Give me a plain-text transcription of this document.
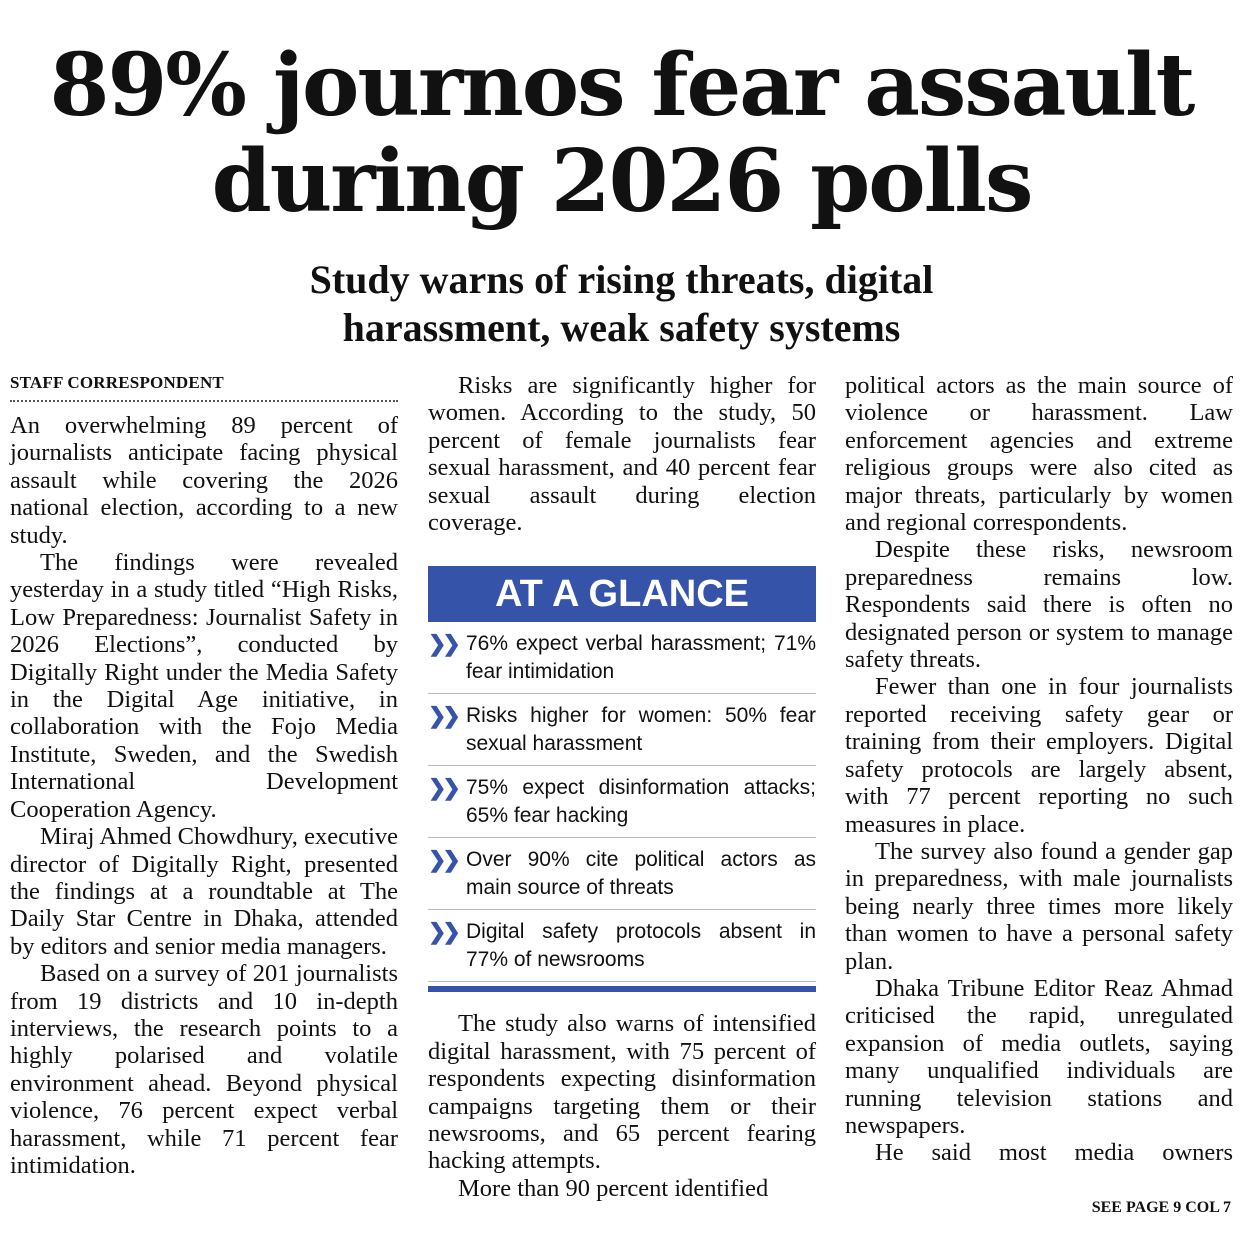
89% journos fear assault
during 2026 polls
Study warns of rising threats, digital
harassment, weak safety systems
STAFF CORRESPONDENT

An overwhelming 89 percent of journalists anticipate facing physical assault while covering the 2026 national election, according to a new study.

The findings were revealed yesterday in a study titled “High Risks, Low Preparedness: Journalist Safety in 2026 Elections”, conducted by Digitally Right under the Media Safety in the Digital Age initiative, in collaboration with the Fojo Media Institute, Sweden, and the Swedish International Development Cooperation Agency.

Miraj Ahmed Chowdhury, executive director of Digitally Right, presented the findings at a roundtable at The Daily Star Centre in Dhaka, attended by editors and senior media managers.

Based on a survey of 201 journalists from 19 districts and 10 in-depth interviews, the research points to a highly polarised and volatile environment ahead. Beyond physical violence, 76 percent expect verbal harassment, while 71 percent fear intimidation.

Risks are significantly higher for women. According to the study, 50 percent of female journalists fear sexual harassment, and 40 percent fear sexual assault during election coverage.

AT A GLANCE
❯❯ 76% expect verbal harassment; 71% fear intimidation
❯❯ Risks higher for women: 50% fear sexual harassment
❯❯ 75% expect disinformation attacks; 65% fear hacking
❯❯ Over 90% cite political actors as main source of threats
❯❯ Digital safety protocols absent in 77% of newsrooms

The study also warns of intensified digital harassment, with 75 percent of respondents expecting disinformation campaigns targeting them or their newsrooms, and 65 percent fearing hacking attempts.

More than 90 percent identified

political actors as the main source of violence or harassment. Law enforcement agencies and extreme religious groups were also cited as major threats, particularly by women and regional correspondents.

Despite these risks, newsroom preparedness remains low. Respondents said there is often no designated person or system to manage safety threats.

Fewer than one in four journalists reported receiving safety gear or training from their employers. Digital safety protocols are largely absent, with 77 percent reporting no such measures in place.

The survey also found a gender gap in preparedness, with male journalists being nearly three times more likely than women to have a personal safety plan.

Dhaka Tribune Editor Reaz Ahmad criticised the rapid, unregulated expansion of media outlets, saying many unqualified individuals are running television stations and newspapers.

He said most media owners

SEE PAGE 9 COL 7
